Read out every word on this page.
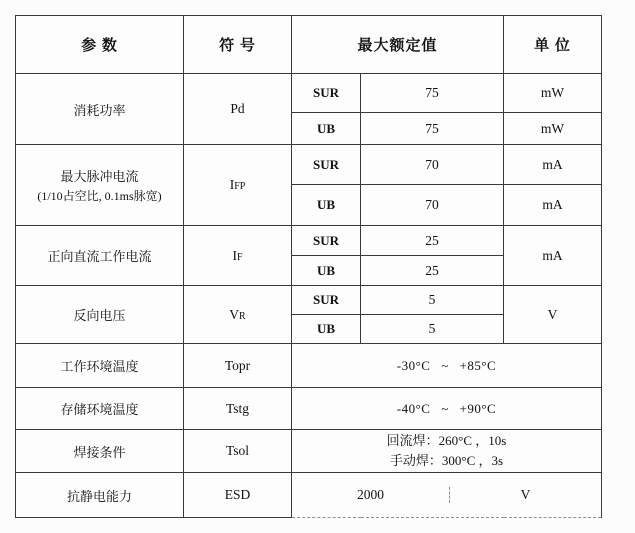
参 数	符 号	最大额定值		单 位
消耗功率	Pd	SUR	75	mW
		UB	75	mW

最大脉冲电流
(1/10占空比, 0.1ms脉宽)	IFP	SUR	70	mA
		UB	70	mA
正向直流工作电流	IF	SUR	25	mA
		UB	25	
反向电压	VR	SUR	5	V
		UB	5	
工作环境温度	Topr	-30°C ~ +85°C		
存储环境温度	Tstg	-40°C ~ +90°C		
焊接条件	Tsol	回流焊：260°C ，10s
手动焊：300°C ，3s		

抗静电能力	ESD	2000 V		
